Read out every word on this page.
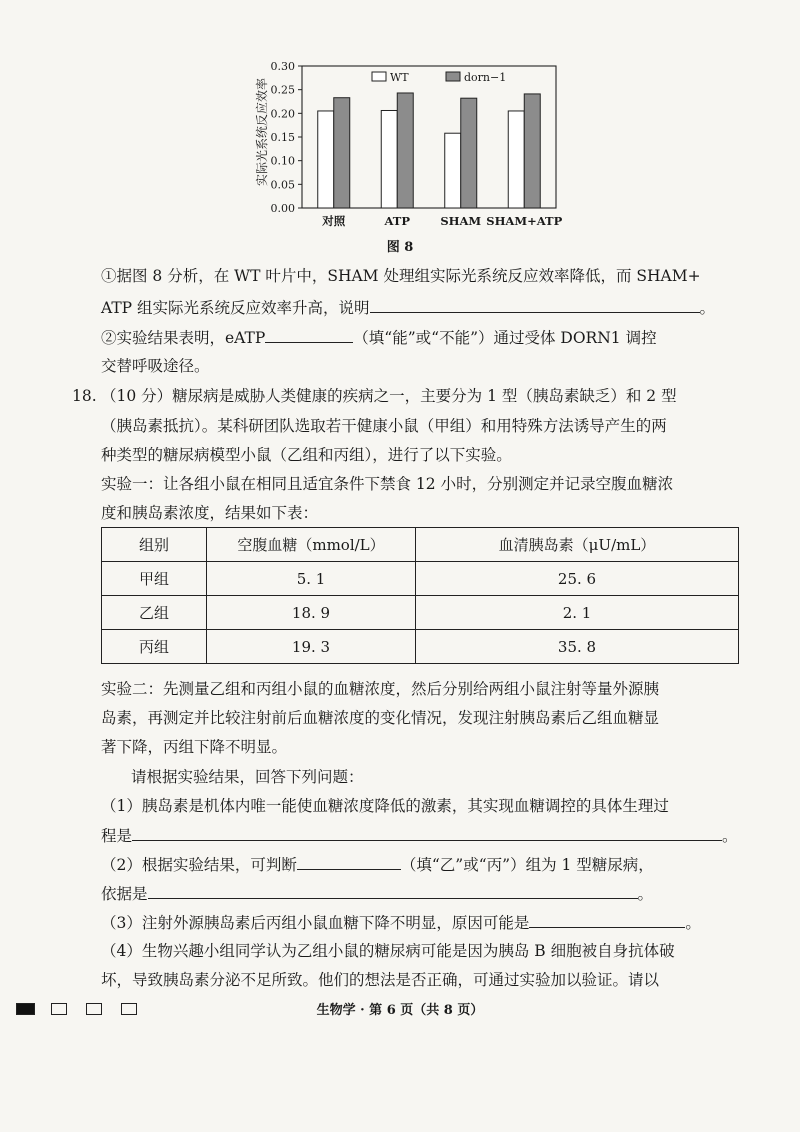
实际光系统反应效率
0.00
0.05
0.10
0.15
0.20
0.25
0.30
对照	ATP	SHAM SHAM+ATP
WT	dorn−1
图 8
①据图 8 分析，在 WT 叶片中，SHAM 处理组实际光系统反应效率降低，而 SHAM+
ATP 组实际光系统反应效率升高，说明	。
②实验结果表明，eATP	（填“能”或“不能”）通过受体 DORN1 调控
交替呼吸途径。
18. （10 分）糖尿病是威胁人类健康的疾病之一，主要分为 1 型（胰岛素缺乏）和 2 型
（胰岛素抵抗）。某科研团队选取若干健康小鼠（甲组）和用特殊方法诱导产生的两
种类型的糖尿病模型小鼠（乙组和丙组），进行了以下实验。
实验一：让各组小鼠在相同且适宜条件下禁食 12 小时，分别测定并记录空腹血糖浓
度和胰岛素浓度，结果如下表：
组别	空腹血糖（mmol/L）	血清胰岛素（μU/mL）
甲组	5. 1	25. 6
乙组	18. 9	2. 1
丙组	19. 3	35. 8
实验二：先测量乙组和丙组小鼠的血糖浓度，然后分别给两组小鼠注射等量外源胰
岛素，再测定并比较注射前后血糖浓度的变化情况，发现注射胰岛素后乙组血糖显
著下降，丙组下降不明显。
请根据实验结果，回答下列问题：
（1）胰岛素是机体内唯一能使血糖浓度降低的激素，其实现血糖调控的具体生理过
程是	。
（2）根据实验结果，可判断	（填“乙”或“丙”）组为 1 型糖尿病，
依据是	。
（3）注射外源胰岛素后丙组小鼠血糖下降不明显，原因可能是	。
（4）生物兴趣小组同学认为乙组小鼠的糖尿病可能是因为胰岛 B 细胞被自身抗体破
坏，导致胰岛素分泌不足所致。他们的想法是否正确，可通过实验加以验证。请以
生物学 · 第 6 页（共 8 页）
